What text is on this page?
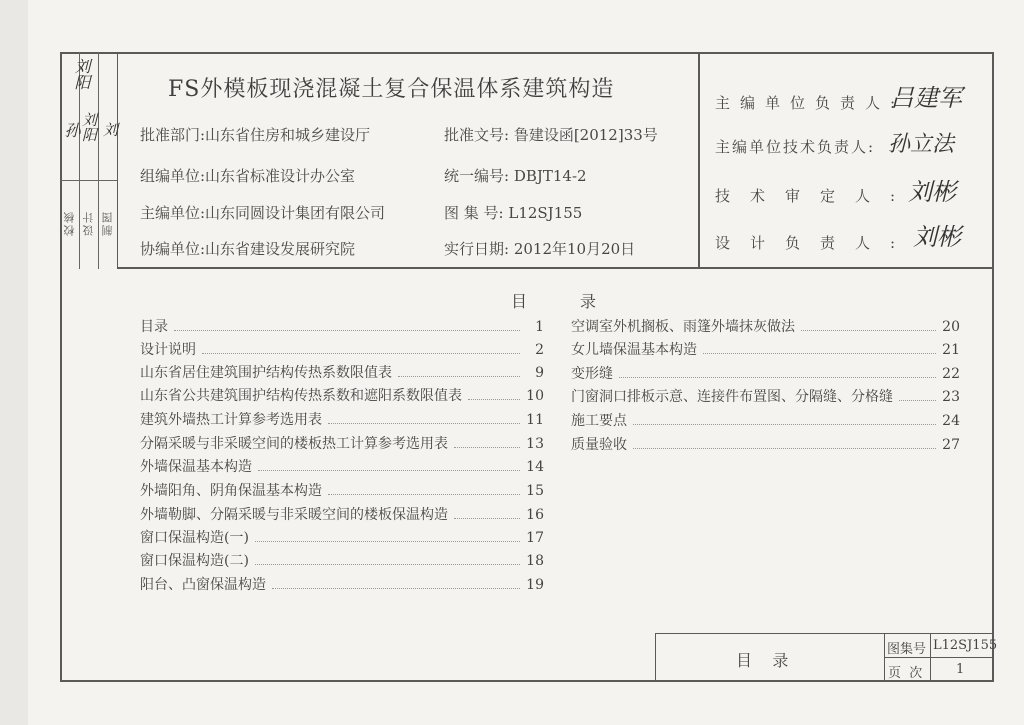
校核 设计 制图
孙 刘阳 刘
刘阳	FS外模板现浇混凝土复合保温体系建筑构造
批准部门:山东省住房和城乡建设厅	批准文号: 鲁建设函[2012]33号
组编单位:山东省标准设计办公室	统一编号: DBJT14-2
主编单位:山东同圆设计集团有限公司	图 集 号: L12SJ155
协编单位:山东省建设发展研究院	实行日期: 2012年10月20日
主编单位负责人:
吕建军
主编单位技术负责人: 孙立法
技术审定人:
刘彬
设计负责人:
刘彬
目	录
目录	1
设计说明	2
山东省居住建筑围护结构传热系数限值表	9
山东省公共建筑围护结构传热系数和遮阳系数限值表	10
建筑外墙热工计算参考选用表	11
分隔采暖与非采暖空间的楼板热工计算参考选用表	13
外墙保温基本构造	14
外墙阳角、阴角保温基本构造	15
外墙勒脚、分隔采暖与非采暖空间的楼板保温构造	16
窗口保温构造(一)	17
窗口保温构造(二)	18
阳台、凸窗保温构造	19
空调室外机搁板、雨篷外墙抹灰做法	20
女儿墙保温基本构造	21
变形缝	22
门窗洞口排板示意、连接件布置图、分隔缝、分格缝	23
施工要点	24
质量验收	27
目    录
图集号 L12SJ155
页  次	1
